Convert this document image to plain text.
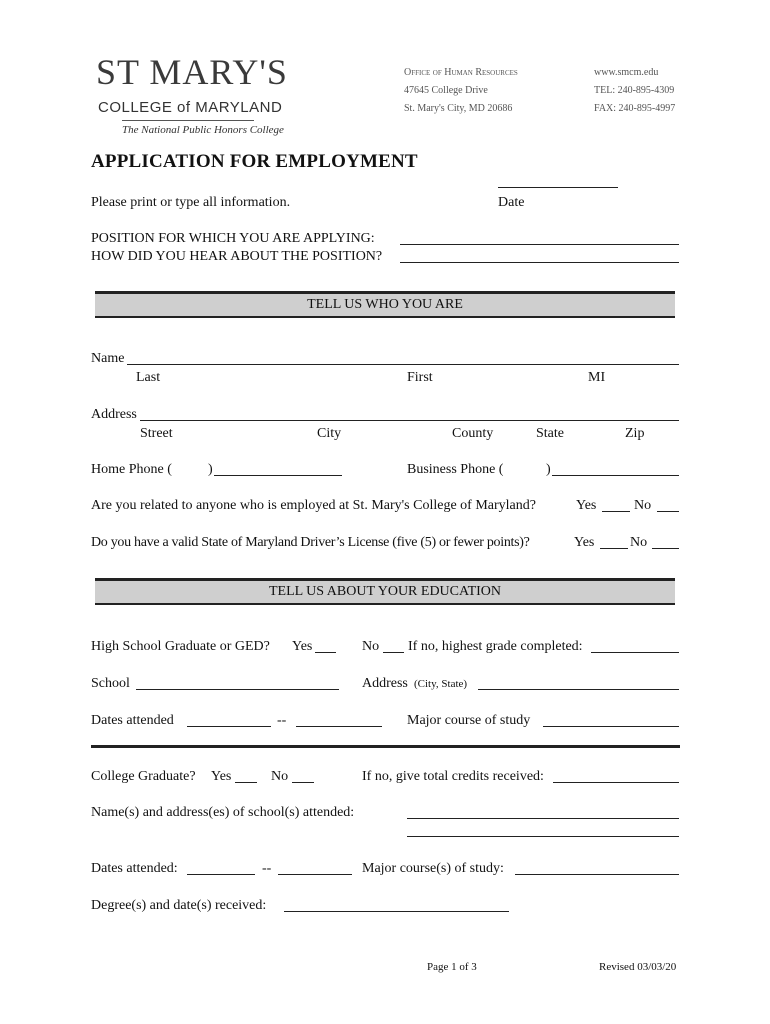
ST MARY'S
COLLEGE of MARYLAND
The National Public Honors College
Office of Human Resources
47645 College Drive
St. Mary's City, MD 20686
www.smcm.edu
TEL: 240-895-4309
FAX: 240-895-4997
APPLICATION FOR EMPLOYMENT
Please print or type all information.	Date
POSITION FOR WHICH YOU ARE APPLYING:
HOW DID YOU HEAR ABOUT THE POSITION?
TELL US WHO YOU ARE
Name
Last	First	MI
Address
Street	City	County	State	Zip
Home Phone (	)	Business Phone (	)
Are you related to anyone who is employed at St. Mary's College of Maryland?	Yes	No
Do you have a valid State of Maryland Driver’s License (five (5) or fewer points)?	Yes	No
TELL US ABOUT YOUR EDUCATION
High School Graduate or GED? Yes	No If no, highest grade completed:
School	Address (City, State)
Dates attended	--	Major course of study
College Graduate? Yes	No	If no, give total credits received:
Name(s) and address(es) of school(s) attended:
Dates attended:	--	Major course(s) of study:
Degree(s) and date(s) received:
Page 1 of 3	Revised 03/03/20
